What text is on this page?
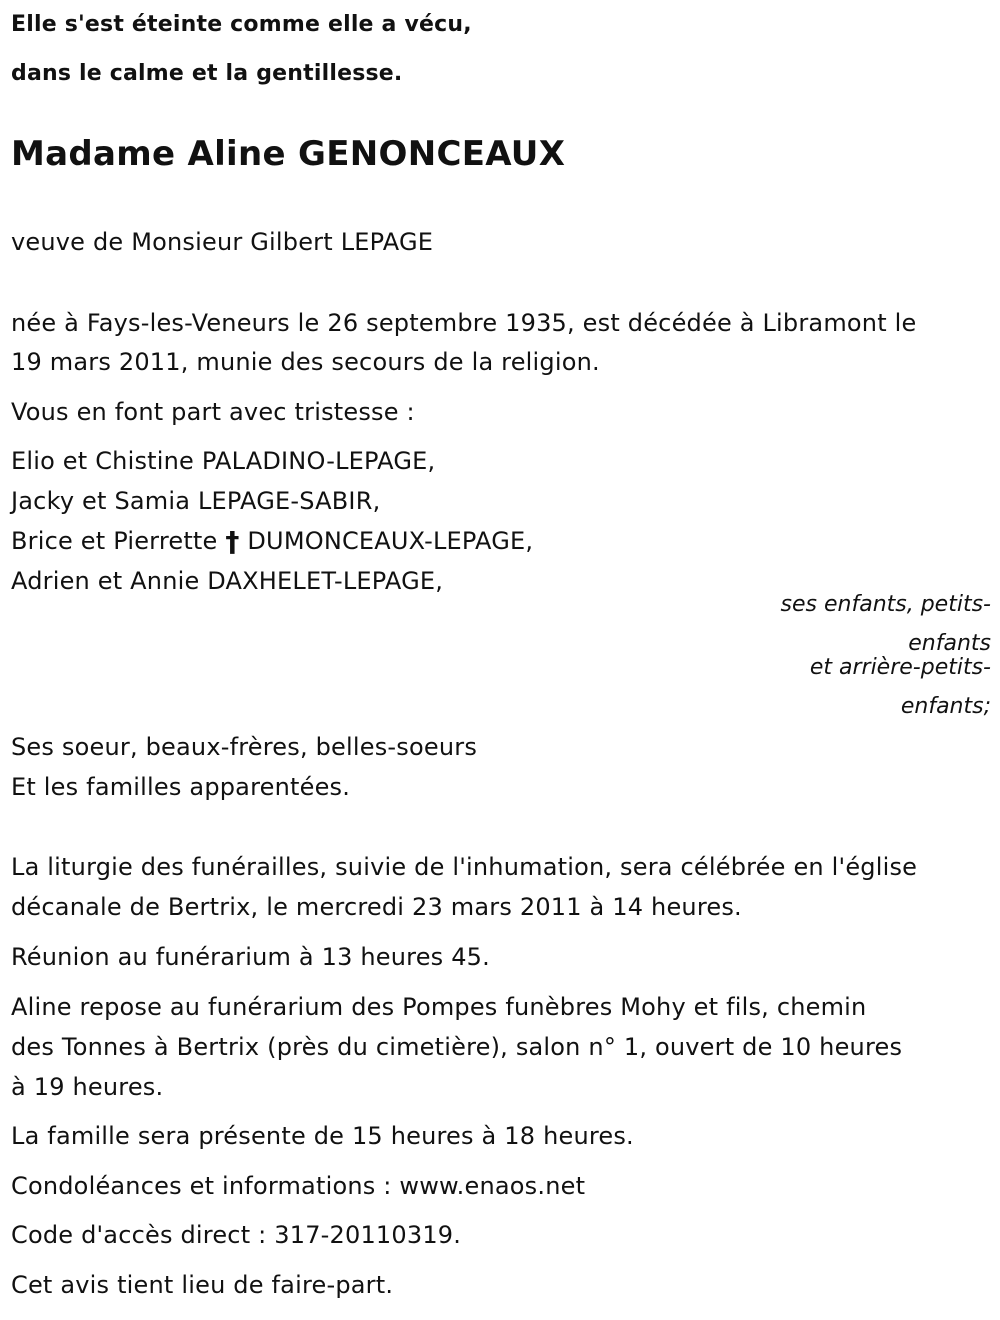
Elle s'est éteinte comme elle a vécu,
dans le calme et la gentillesse.
Madame Aline GENONCEAUX
veuve de Monsieur Gilbert LEPAGE
née à Fays-les-Veneurs le 26 septembre 1935, est décédée à Libramont le
19 mars 2011, munie des secours de la religion.
Vous en font part avec tristesse :
Elio et Chistine PALADINO-LEPAGE,
Jacky et Samia LEPAGE-SABIR,
Brice et Pierrette † DUMONCEAUX-LEPAGE,
Adrien et Annie DAXHELET-LEPAGE,
ses enfants, petits-
enfants
et arrière-petits-
enfants;
Ses soeur, beaux-frères, belles-soeurs
Et les familles apparentées.
La liturgie des funérailles, suivie de l'inhumation, sera célébrée en l'église
décanale de Bertrix, le mercredi 23 mars 2011 à 14 heures.
Réunion au funérarium à 13 heures 45.
Aline repose au funérarium des Pompes funèbres Mohy et fils, chemin
des Tonnes à Bertrix (près du cimetière), salon n° 1, ouvert de 10 heures
à 19 heures.
La famille sera présente de 15 heures à 18 heures.
Condoléances et informations : www.enaos.net
Code d'accès direct : 317-20110319.
Cet avis tient lieu de faire-part.
